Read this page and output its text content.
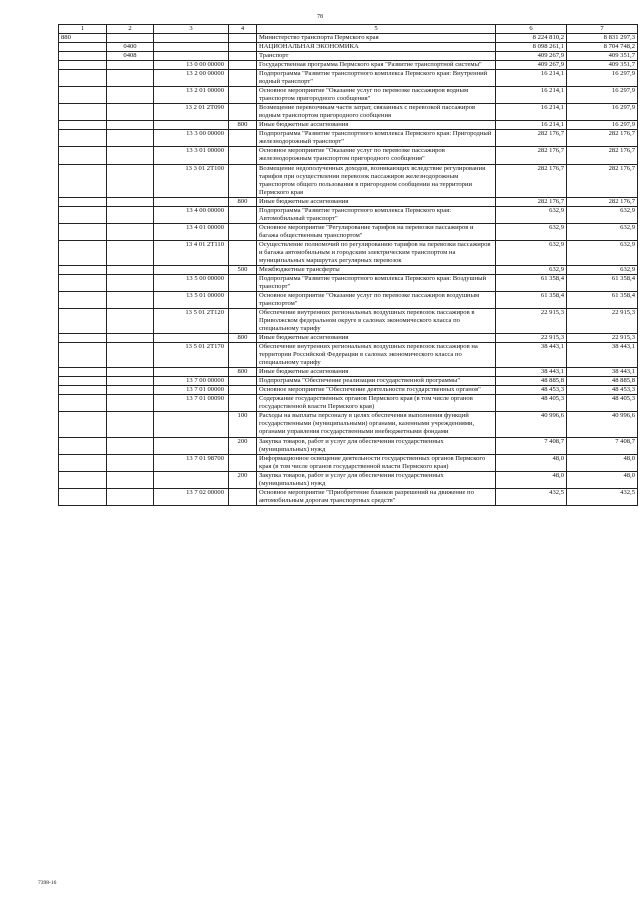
78
1	2	3	4	5	6	7
880				Министерство транспорта Пермского края	8 224 810,2	8 831 297,3
	0400			НАЦИОНАЛЬНАЯ ЭКОНОМИКА	8 098 261,1	8 704 748,2
	0408			Транспорт	409 267,9	409 351,7
		13 0 00 00000		Государственная программа Пермского края "Развитие транспортной системы"	409 267,9	409 351,7
		13 2 00 00000		Подпрограмма "Развитие транспортного комплекса Пермского края: Внутренний водный транспорт"	16 214,1	16 297,9
		13 2 01 00000		Основное мероприятие "Оказание услуг по перевозке пассажиров водным транспортом пригородного сообщения"	16 214,1	16 297,9
		13 2 01 2Т090		Возмещение перевозчикам части затрат, связанных с перевозкой пассажиров водным транспортом пригородного сообщения	16 214,1	16 297,9
			800	Иные бюджетные ассигнования	16 214,1	16 297,9
		13 3 00 00000		Подпрограмма "Развитие транспортного комплекса Пермского края: Пригородный железнодорожный транспорт"	282 176,7	282 176,7
		13 3 01 00000		Основное мероприятие "Оказание услуг по перевозке пассажиров железнодорожным транспортом пригородного сообщения"	282 176,7	282 176,7
		13 3 01 2Т100		Возмещение недополученных доходов, возникающих вследствие регулирования тарифов при осуществлении перевозок пассажиров железнодорожным транспортом общего пользования в пригородном сообщении на территории Пермского края	282 176,7	282 176,7
			800	Иные бюджетные ассигнования	282 176,7	282 176,7
		13 4 00 00000		Подпрограмма "Развитие транспортного комплекса Пермского края: Автомобильный транспорт"	632,9	632,9
		13 4 01 00000		Основное мероприятие "Регулирование тарифов на перевозки пассажиров и багажа общественным транспортом"	632,9	632,9
		13 4 01 2Т110		Осуществление полномочий по регулированию тарифов на перевозки пассажиров и багажа автомобильным и городским электрическим транспортом на муниципальных маршрутах регулярных перевозок	632,9	632,9
			500	Межбюджетные трансферты	632,9	632,9
		13 5 00 00000		Подпрограмма "Развитие транспортного комплекса Пермского края: Воздушный транспорт"	61 358,4	61 358,4
		13 5 01 00000		Основное мероприятие "Оказание услуг по перевозке пассажиров воздушным транспортом"	61 358,4	61 358,4
		13 5 01 2Т120		Обеспечение внутренних региональных воздушных перевозок пассажиров в Приволжском федеральном округе в салонах экономического класса по специальному тарифу	22 915,3	22 915,3
			800	Иные бюджетные ассигнования	22 915,3	22 915,3
		13 5 01 2Т170		Обеспечение внутренних региональных воздушных перевозок пассажиров на территории Российской Федерации в салонах экономического класса по специальному тарифу	38 443,1	38 443,1
			800	Иные бюджетные ассигнования	38 443,1	38 443,1
		13 7 00 00000		Подпрограмма "Обеспечение реализации государственной программы"	48 885,8	48 885,8
		13 7 01 00000		Основное мероприятие "Обеспечение деятельности государственных органов"	48 453,3	48 453,3
		13 7 01 00090		Содержание государственных органов Пермского края (в том числе органов государственной власти Пермского края)	48 405,3	48 405,3
			100	Расходы на выплаты персоналу в целях обеспечения выполнения функций государственными (муниципальными) органами, казенными учреждениями, органами управления государственными внебюджетными фондами	40 996,6	40 996,6
			200	Закупка товаров, работ и услуг для обеспечения государственных (муниципальных) нужд	7 408,7	7 408,7
		13 7 01 98700		Информационное освещение деятельности государственных органов Пермского края (в том числе органов государственной власти Пермского края)	48,0	48,0
			200	Закупка товаров, работ и услуг для обеспечения государственных (муниципальных) нужд	48,0	48,0
		13 7 02 00000		Основное мероприятие "Приобретение бланков разрешений на движение по автомобильным дорогам транспортных средств"	432,5	432,5
7398-16
